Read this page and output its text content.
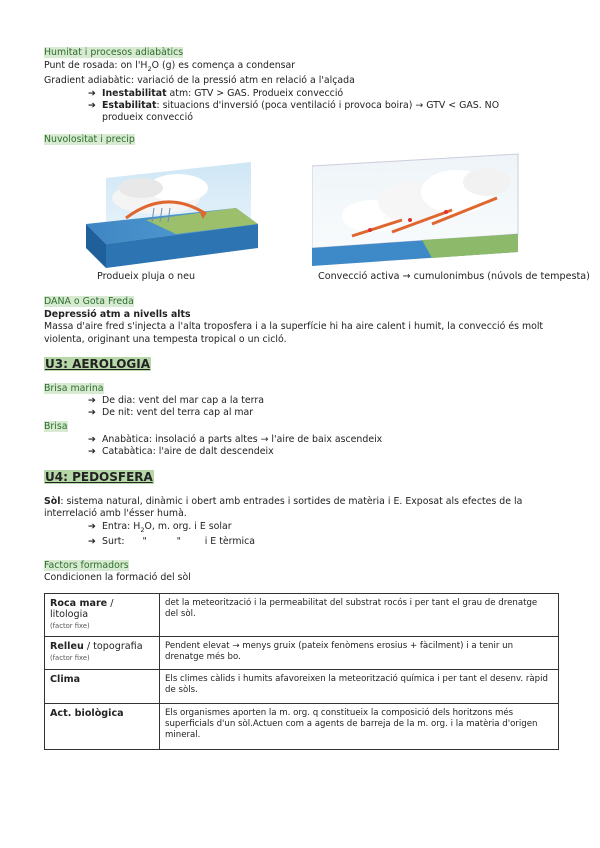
Humitat i procesos adiabàtics
Punt de rosada: on $l'H_2O$ (g) es comença a condensar
Gradient adiabàtic: variació de la pressió atm en relació a l'alçada
➔ Inestabilitat atm: GTV > GAS. Produeix convecció
➔ Estabilitat: situacions d'inversió (poca ventilació i provoca boira) → GTV < GAS. NO produeix convecció
Nuvolositat i precip
Produeix pluja o neu	Convecció activa → cumulonimbus (núvols de tempesta)
DANA o Gota Freda
Depressió atm a nivells alts
Massa d'aire fred s'injecta a l'alta troposfera i a la superfície hi ha aire calent i humit, la convecció és molt violenta, originant una tempesta tropical o un cicló.
U3: AEROLOGIA
Brisa marina
➔ De dia: vent del mar cap a la terra
➔ De nit: vent del terra cap al mar
Brisa
➔ Anabàtica: insolació a parts altes → l'aire de baix ascendeix
➔ Catabàtica: l'aire de dalt descendeix
U4: PEDOSFERA
Sòl: sistema natural, dinàmic i obert amb entrades i sortides de matèria i E. Exposat als efectes de la interrelació amb l'ésser humà.
➔ Entra: $H_2O$, m. org. i E solar
➔ Surt:      "          "        i E tèrmica
Factors formadors
Condicionen la formació del sòl
Roca mare / litologia
(factor fixe)	det la meteorització i la permeabilitat del substrat rocós i per tant el grau de drenatge del sòl.
Relleu / topografia
(factor fixe)	Pendent elevat → menys gruix (pateix fenòmens erosius + fàcilment) i a tenir un drenatge més bo.
Clima	Els climes càlids i humits afavoreixen la meteorització química i per tant el desenv. ràpid de sòls.
Act. biològica	Els organismes aporten la m. org. q constitueix la composició dels horitzons més superficials d'un sòl.Actuen com a agents de barreja de la m. org. i la matèria d'origen mineral.
